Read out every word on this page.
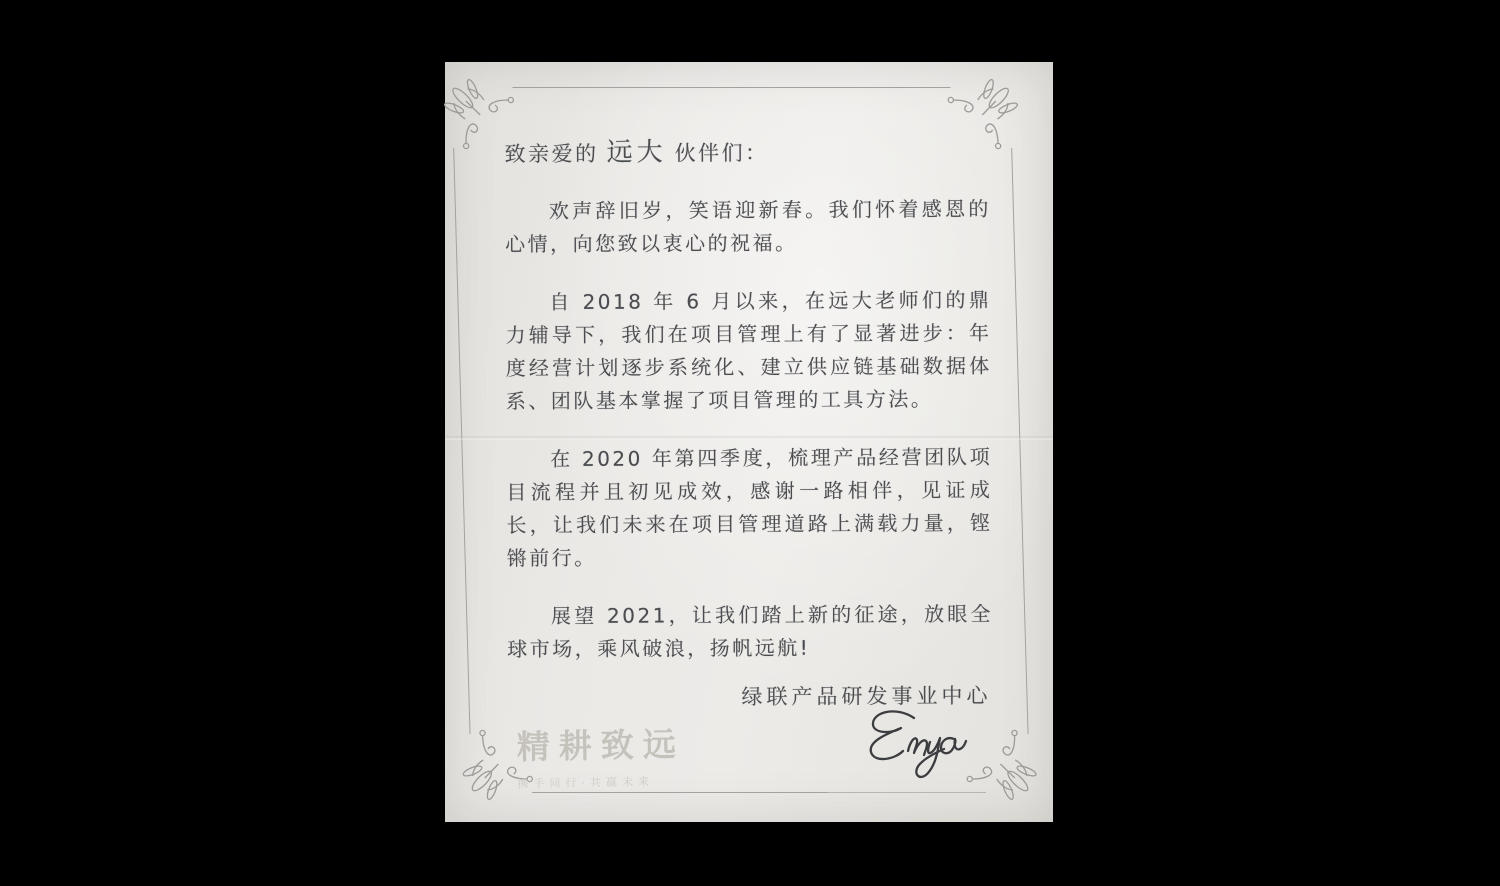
致亲爱的 远大 伙伴们：

欢声辞旧岁，笑语迎新春。我们怀着感恩的心情，向您致以衷心的祝福。

自 2018 年 6 月以来，在远大老师们的鼎力辅导下，我们在项目管理上有了显著进步：年度经营计划逐步系统化、建立供应链基础数据体系、团队基本掌握了项目管理的工具方法。

在 2020 年第四季度，梳理产品经营团队项目流程并且初见成效，感谢一路相伴，见证成长，让我们未来在项目管理道路上满载力量，铿锵前行。

展望 2021，让我们踏上新的征途，放眼全球市场，乘风破浪，扬帆远航!

绿联产品研发事业中心
精耕致远
携手同行·共赢未来
